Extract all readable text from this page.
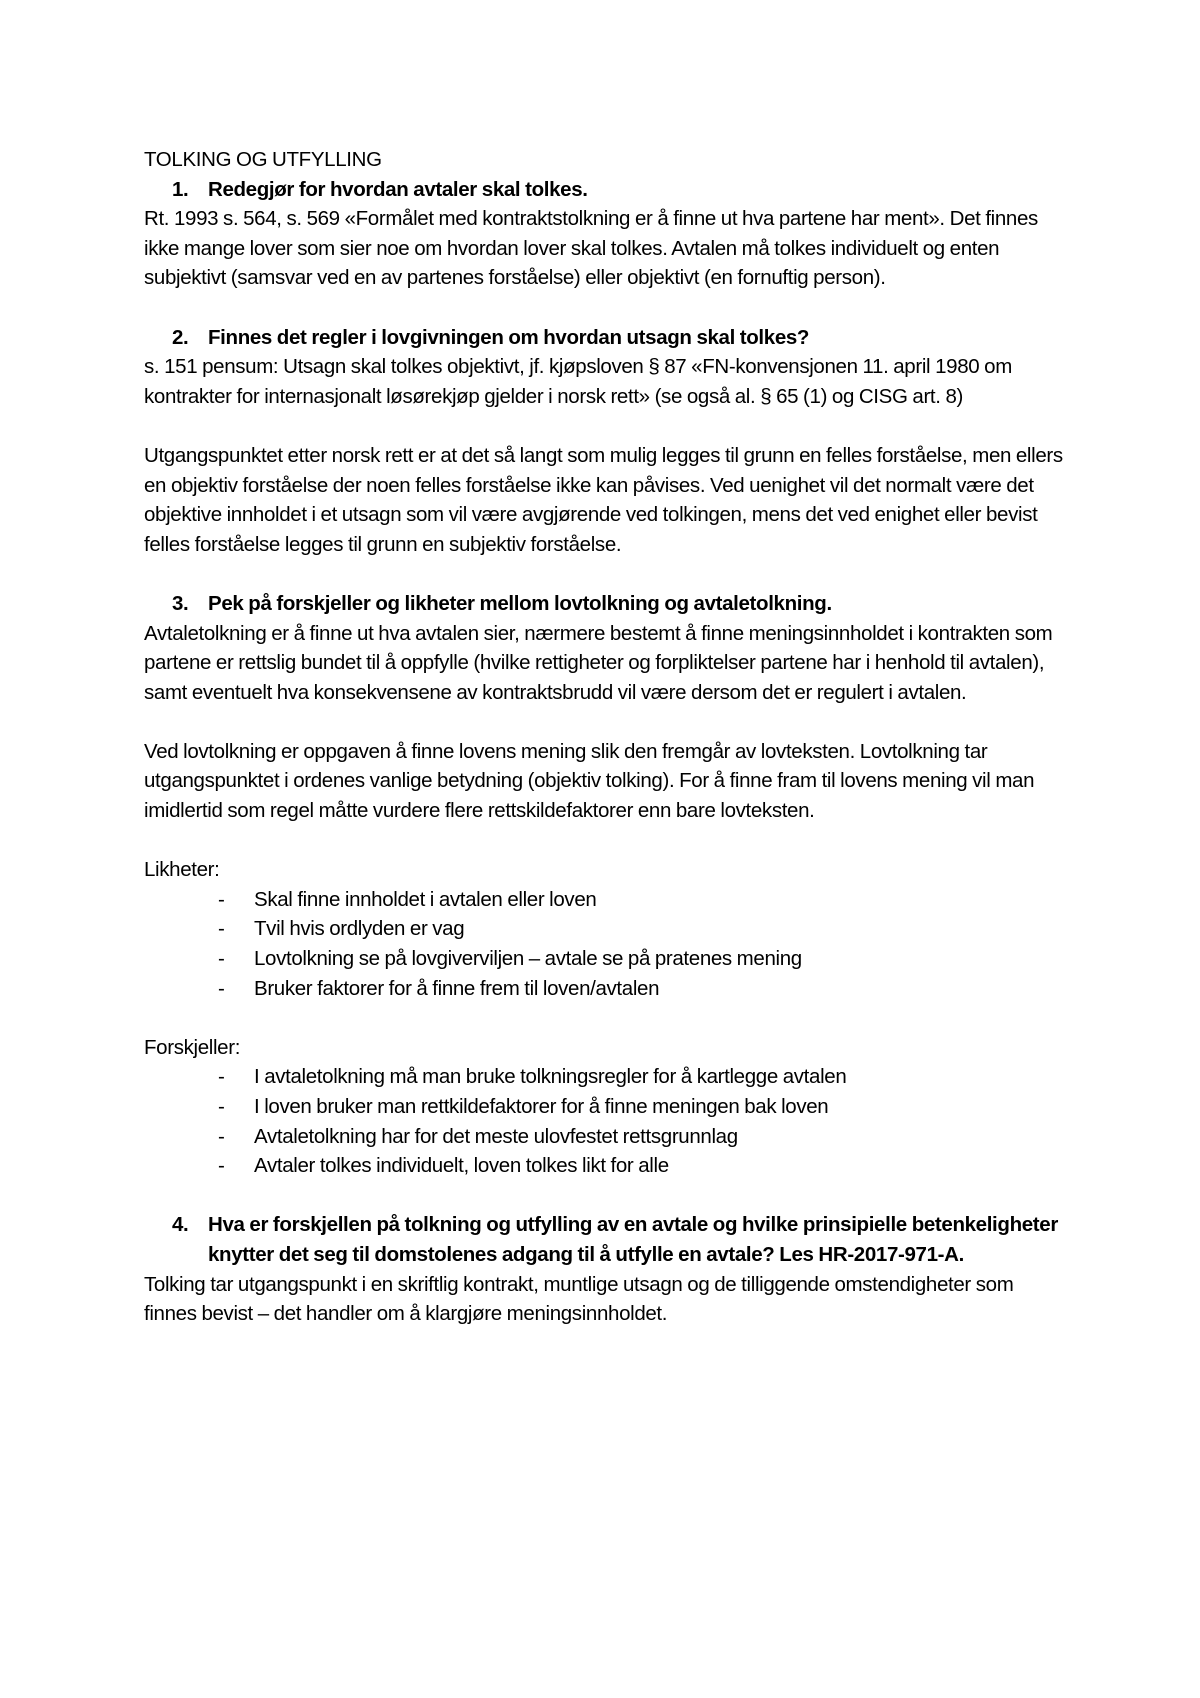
TOLKING OG UTFYLLING

1. Redegjør for hvordan avtaler skal tolkes.

Rt. 1993 s. 564, s. 569 «Formålet med kontraktstolkning er å finne ut hva partene har ment». Det finnes ikke mange lover som sier noe om hvordan lover skal tolkes. Avtalen må tolkes individuelt og enten subjektivt (samsvar ved en av partenes forståelse) eller objektivt (en fornuftig person).

2. Finnes det regler i lovgivningen om hvordan utsagn skal tolkes?

s. 151 pensum: Utsagn skal tolkes objektivt, jf. kjøpsloven § 87 «FN-konvensjonen 11. april 1980 om kontrakter for internasjonalt løsørekjøp gjelder i norsk rett» (se også al. § 65 (1) og CISG art. 8)

Utgangspunktet etter norsk rett er at det så langt som mulig legges til grunn en felles forståelse, men ellers en objektiv forståelse der noen felles forståelse ikke kan påvises. Ved uenighet vil det normalt være det objektive innholdet i et utsagn som vil være avgjørende ved tolkingen, mens det ved enighet eller bevist felles forståelse legges til grunn en subjektiv forståelse.

3. Pek på forskjeller og likheter mellom lovtolkning og avtaletolkning.

Avtaletolkning er å finne ut hva avtalen sier, nærmere bestemt å finne meningsinnholdet i kontrakten som partene er rettslig bundet til å oppfylle (hvilke rettigheter og forpliktelser partene har i henhold til avtalen), samt eventuelt hva konsekvensene av kontraktsbrudd vil være dersom det er regulert i avtalen.

Ved lovtolkning er oppgaven å finne lovens mening slik den fremgår av lovteksten. Lovtolkning tar utgangspunktet i ordenes vanlige betydning (objektiv tolking). For å finne fram til lovens mening vil man imidlertid som regel måtte vurdere flere rettskildefaktorer enn bare lovteksten.

Likheter:

- Skal finne innholdet i avtalen eller loven
- Tvil hvis ordlyden er vag
- Lovtolkning se på lovgiverviljen – avtale se på pratenes mening
- Bruker faktorer for å finne frem til loven/avtalen

Forskjeller:

- I avtaletolkning må man bruke tolkningsregler for å kartlegge avtalen
- I loven bruker man rettkildefaktorer for å finne meningen bak loven
- Avtaletolkning har for det meste ulovfestet rettsgrunnlag
- Avtaler tolkes individuelt, loven tolkes likt for alle
4. Hva er forskjellen på tolkning og utfylling av en avtale og hvilke prinsipielle betenkeligheter knytter det seg til domstolenes adgang til å utfylle en avtale? Les HR-2017-971-A.

Tolking tar utgangspunkt i en skriftlig kontrakt, muntlige utsagn og de tilliggende omstendigheter som finnes bevist – det handler om å klargjøre meningsinnholdet.
